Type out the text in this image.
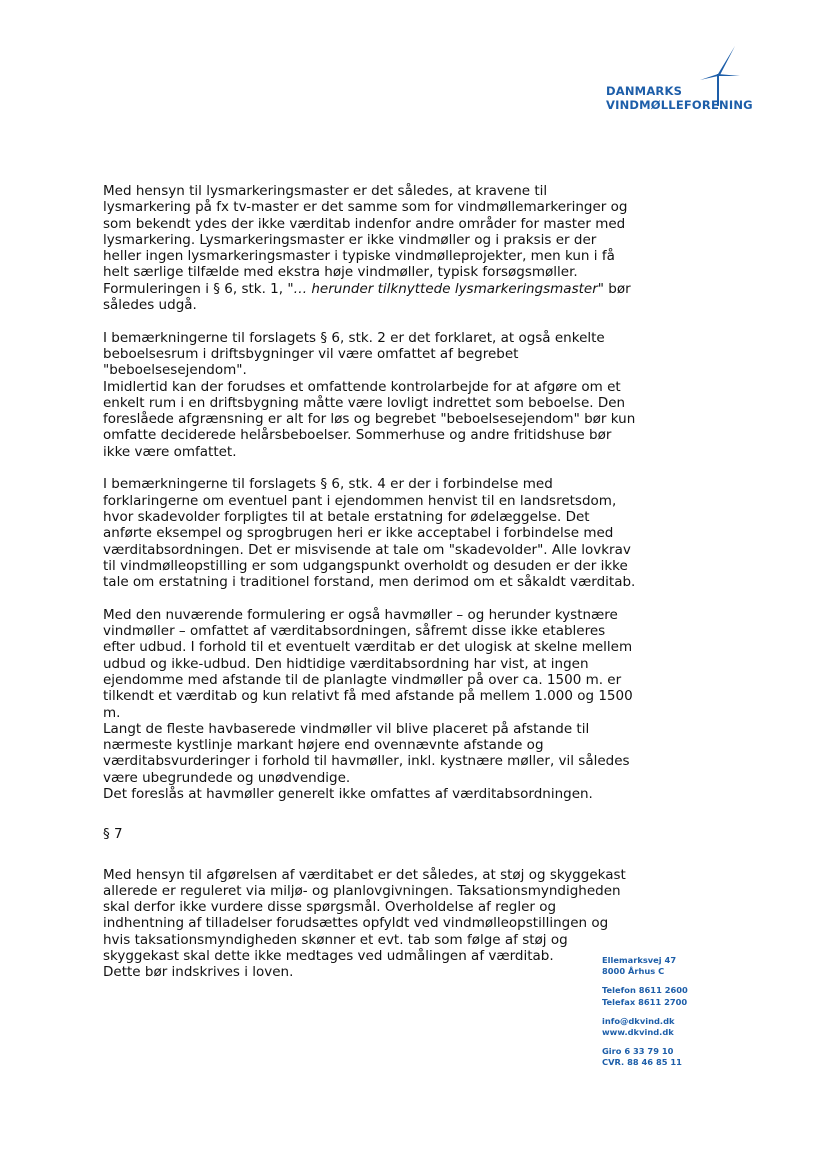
DANMARKS
VINDMØLLEFORENING
Med hensyn til lysmarkeringsmaster er det således, at kravene til
lysmarkering på fx tv-master er det samme som for vindmøllemarkeringer og
som bekendt ydes der ikke værditab indenfor andre områder for master med
lysmarkering. Lysmarkeringsmaster er ikke vindmøller og i praksis er der
heller ingen lysmarkeringsmaster i typiske vindmølleprojekter, men kun i få
helt særlige tilfælde med ekstra høje vindmøller, typisk forsøgsmøller.
Formuleringen i § 6, stk. 1, "… herunder tilknyttede lysmarkeringsmaster" bør
således udgå.
I bemærkningerne til forslagets § 6, stk. 2 er det forklaret, at også enkelte
beboelsesrum i driftsbygninger vil være omfattet af begrebet
"beboelsesejendom".
Imidlertid kan der forudses et omfattende kontrolarbejde for at afgøre om et
enkelt rum i en driftsbygning måtte være lovligt indrettet som beboelse. Den
foreslåede afgrænsning er alt for løs og begrebet "beboelsesejendom" bør kun
omfatte deciderede helårsbeboelser. Sommerhuse og andre fritidshuse bør
ikke være omfattet.
I bemærkningerne til forslagets § 6, stk. 4 er der i forbindelse med
forklaringerne om eventuel pant i ejendommen henvist til en landsretsdom,
hvor skadevolder forpligtes til at betale erstatning for ødelæggelse. Det
anførte eksempel og sprogbrugen heri er ikke acceptabel i forbindelse med
værditabsordningen. Det er misvisende at tale om "skadevolder". Alle lovkrav
til vindmølleopstilling er som udgangspunkt overholdt og desuden er der ikke
tale om erstatning i traditionel forstand, men derimod om et såkaldt værditab.
Med den nuværende formulering er også havmøller – og herunder kystnære
vindmøller – omfattet af værditabsordningen, såfremt disse ikke etableres
efter udbud. I forhold til et eventuelt værditab er det ulogisk at skelne mellem
udbud og ikke-udbud. Den hidtidige værditabsordning har vist, at ingen
ejendomme med afstande til de planlagte vindmøller på over ca. 1500 m. er
tilkendt et værditab og kun relativt få med afstande på mellem 1.000 og 1500
m.
Langt de fleste havbaserede vindmøller vil blive placeret på afstande til
nærmeste kystlinje markant højere end ovennævnte afstande og
værditabsvurderinger i forhold til havmøller, inkl. kystnære møller, vil således
være ubegrundede og unødvendige.
Det foreslås at havmøller generelt ikke omfattes af værditabsordningen.
§ 7
Med hensyn til afgørelsen af værditabet er det således, at støj og skyggekast
allerede er reguleret via miljø- og planlovgivningen. Taksationsmyndigheden
skal derfor ikke vurdere disse spørgsmål. Overholdelse af regler og
indhentning af tilladelser forudsættes opfyldt ved vindmølleopstillingen og
hvis taksationsmyndigheden skønner et evt. tab som følge af støj og
skyggekast skal dette ikke medtages ved udmålingen af værditab.
Dette bør indskrives i loven.
Ellemarksvej 47
8000 Århus C
Telefon 8611 2600
Telefax 8611 2700
info@dkvind.dk
www.dkvind.dk
Giro 6 33 79 10
CVR. 88 46 85 11
